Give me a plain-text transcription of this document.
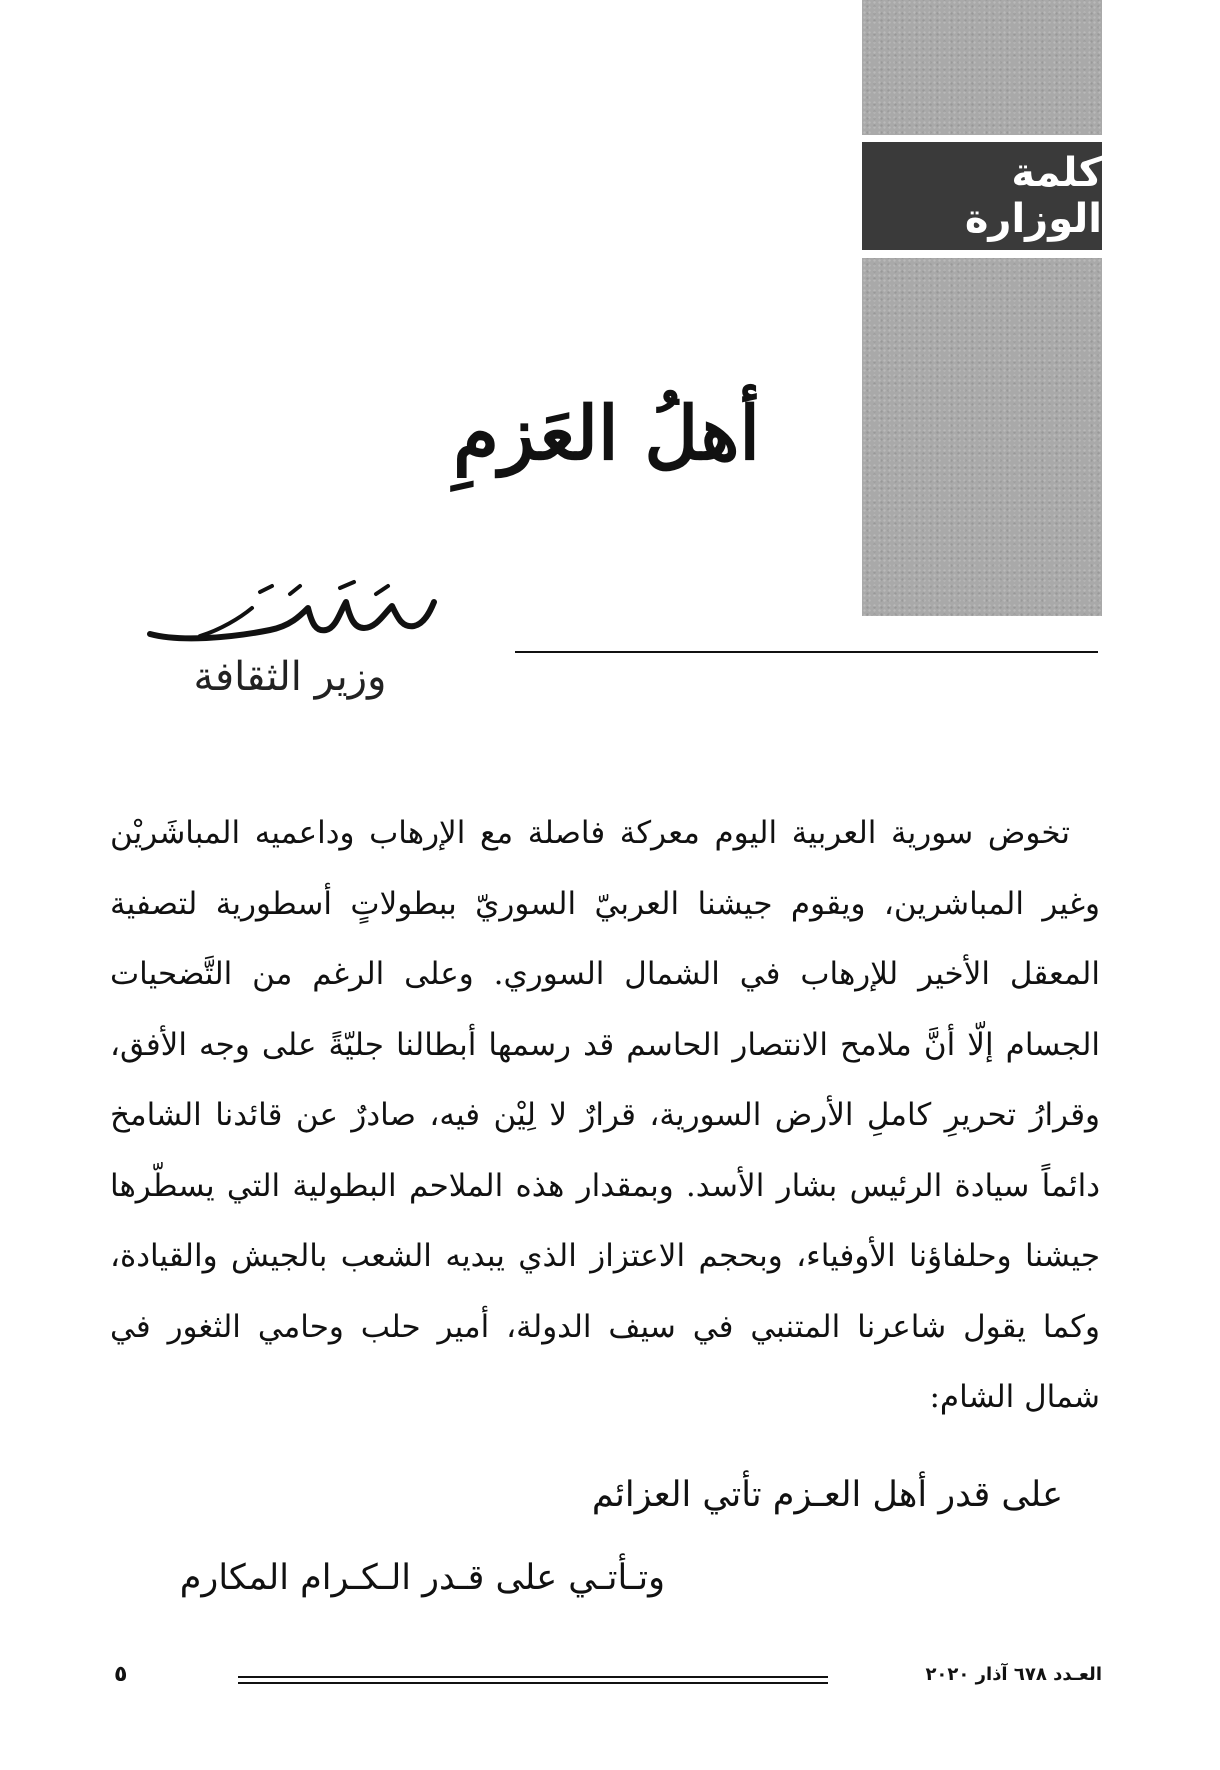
كلمة الوزارة
أهلُ العَزمِ
وزير الثقافة

تخوض سورية العربية اليوم معركة فاصلة مع الإرهاب وداعميه المباشَريْن وغير المباشرين، ويقوم جيشنا العربيّ السوريّ ببطولاتٍ أسطورية لتصفية المعقل الأخير للإرهاب في الشمال السوري. وعلى الرغم من التَّضحيات الجسام إلّا أنَّ ملامح الانتصار الحاسم قد رسمها أبطالنا جليّةً على وجه الأفق، وقرارُ تحريرِ كاملِ الأرض السورية، قرارٌ لا لِيْن فيه، صادرٌ عن قائدنا الشامخ دائماً سيادة الرئيس بشار الأسد. وبمقدار هذه الملاحم البطولية التي يسطّرها جيشنا وحلفاؤنا الأوفياء، وبحجم الاعتزاز الذي يبديه الشعب بالجيش والقيادة، وكما يقول شاعرنا المتنبي في سيف الدولة، أمير حلب وحامي الثغور في شمال الشام:

على قدر أهل العـزم تأتي العزائم

وتـأتـي على قـدر الـكـرام المكارم

٥	العـدد ٦٧٨ آذار ٢٠٢٠
